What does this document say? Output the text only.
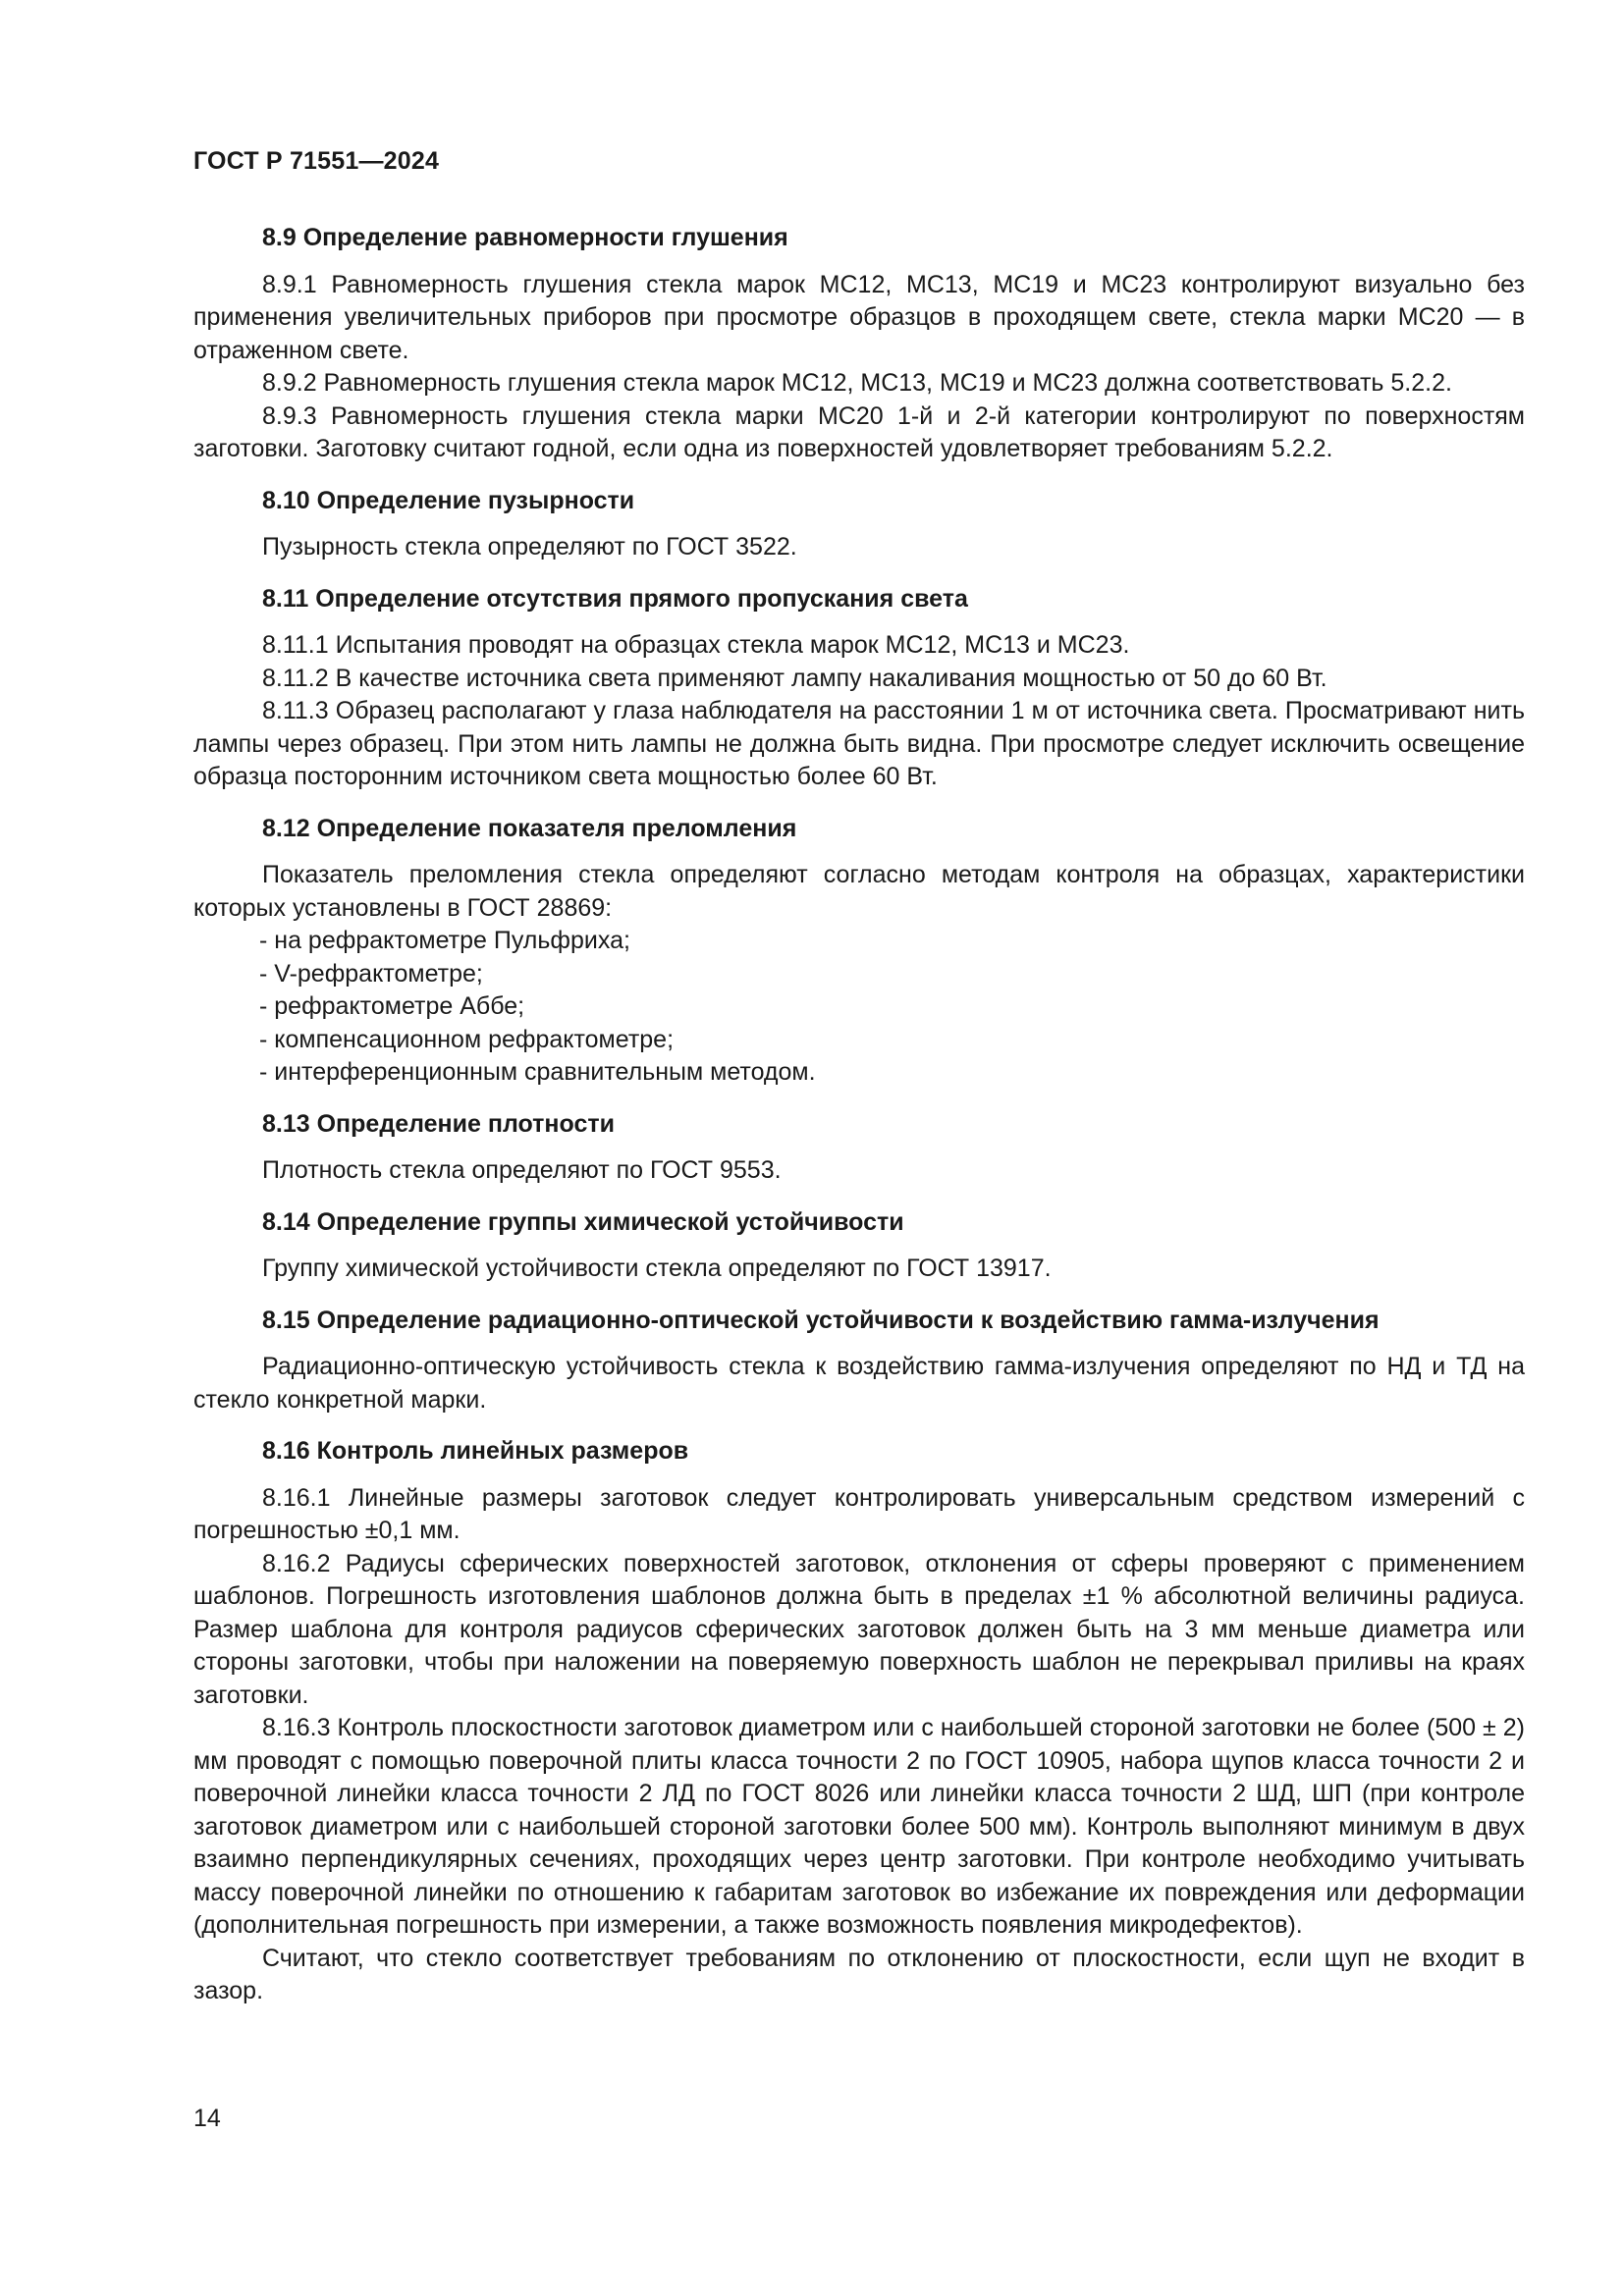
ГОСТ Р 71551—2024
8.9 Определение равномерности глушения

8.9.1 Равномерность глушения стекла марок МС12, МС13, МС19 и МС23 контролируют визуально без применения увеличительных приборов при просмотре образцов в проходящем свете, стекла марки МС20 — в отраженном свете.

8.9.2 Равномерность глушения стекла марок МС12, МС13, МС19 и МС23 должна соответствовать 5.2.2.

8.9.3 Равномерность глушения стекла марки МС20 1-й и 2-й категории контролируют по поверхностям заготовки. Заготовку считают годной, если одна из поверхностей удовлетворяет требованиям 5.2.2.

8.10 Определение пузырности

Пузырность стекла определяют по ГОСТ 3522.

8.11 Определение отсутствия прямого пропускания света

8.11.1 Испытания проводят на образцах стекла марок МС12, МС13 и МС23.

8.11.2 В качестве источника света применяют лампу накаливания мощностью от 50 до 60 Вт.

8.11.3 Образец располагают у глаза наблюдателя на расстоянии 1 м от источника света. Просматривают нить лампы через образец. При этом нить лампы не должна быть видна. При просмотре следует исключить освещение образца посторонним источником света мощностью более 60 Вт.

8.12 Определение показателя преломления

Показатель преломления стекла определяют согласно методам контроля на образцах, характеристики которых установлены в ГОСТ 28869:

- на рефрактометре Пульфриха;
- V-рефрактометре;
- рефрактометре Аббе;
- компенсационном рефрактометре;
- интерференционным сравнительным методом.
8.13 Определение плотности

Плотность стекла определяют по ГОСТ 9553.

8.14 Определение группы химической устойчивости

Группу химической устойчивости стекла определяют по ГОСТ 13917.

8.15 Определение радиационно-оптической устойчивости к воздействию гамма-излучения

Радиационно-оптическую устойчивость стекла к воздействию гамма-излучения определяют по НД и ТД на стекло конкретной марки.

8.16 Контроль линейных размеров

8.16.1 Линейные размеры заготовок следует контролировать универсальным средством измерений с погрешностью ±0,1 мм.

8.16.2 Радиусы сферических поверхностей заготовок, отклонения от сферы проверяют с применением шаблонов. Погрешность изготовления шаблонов должна быть в пределах ±1 % абсолютной величины радиуса. Размер шаблона для контроля радиусов сферических заготовок должен быть на 3 мм меньше диаметра или стороны заготовки, чтобы при наложении на поверяемую поверхность шаблон не перекрывал приливы на краях заготовки.

8.16.3 Контроль плоскостности заготовок диаметром или с наибольшей стороной заготовки не более (500 ± 2) мм проводят с помощью поверочной плиты класса точности 2 по ГОСТ 10905, набора щупов класса точности 2 и поверочной линейки класса точности 2 ЛД по ГОСТ 8026 или линейки класса точности 2 ШД, ШП (при контроле заготовок диаметром или с наибольшей стороной заготовки более 500 мм). Контроль выполняют минимум в двух взаимно перпендикулярных сечениях, проходящих через центр заготовки. При контроле необходимо учитывать массу поверочной линейки по отношению к габаритам заготовок во избежание их повреждения или деформации (дополнительная погрешность при измерении, а также возможность появления микродефектов).

Считают, что стекло соответствует требованиям по отклонению от плоскостности, если щуп не входит в зазор.

14
